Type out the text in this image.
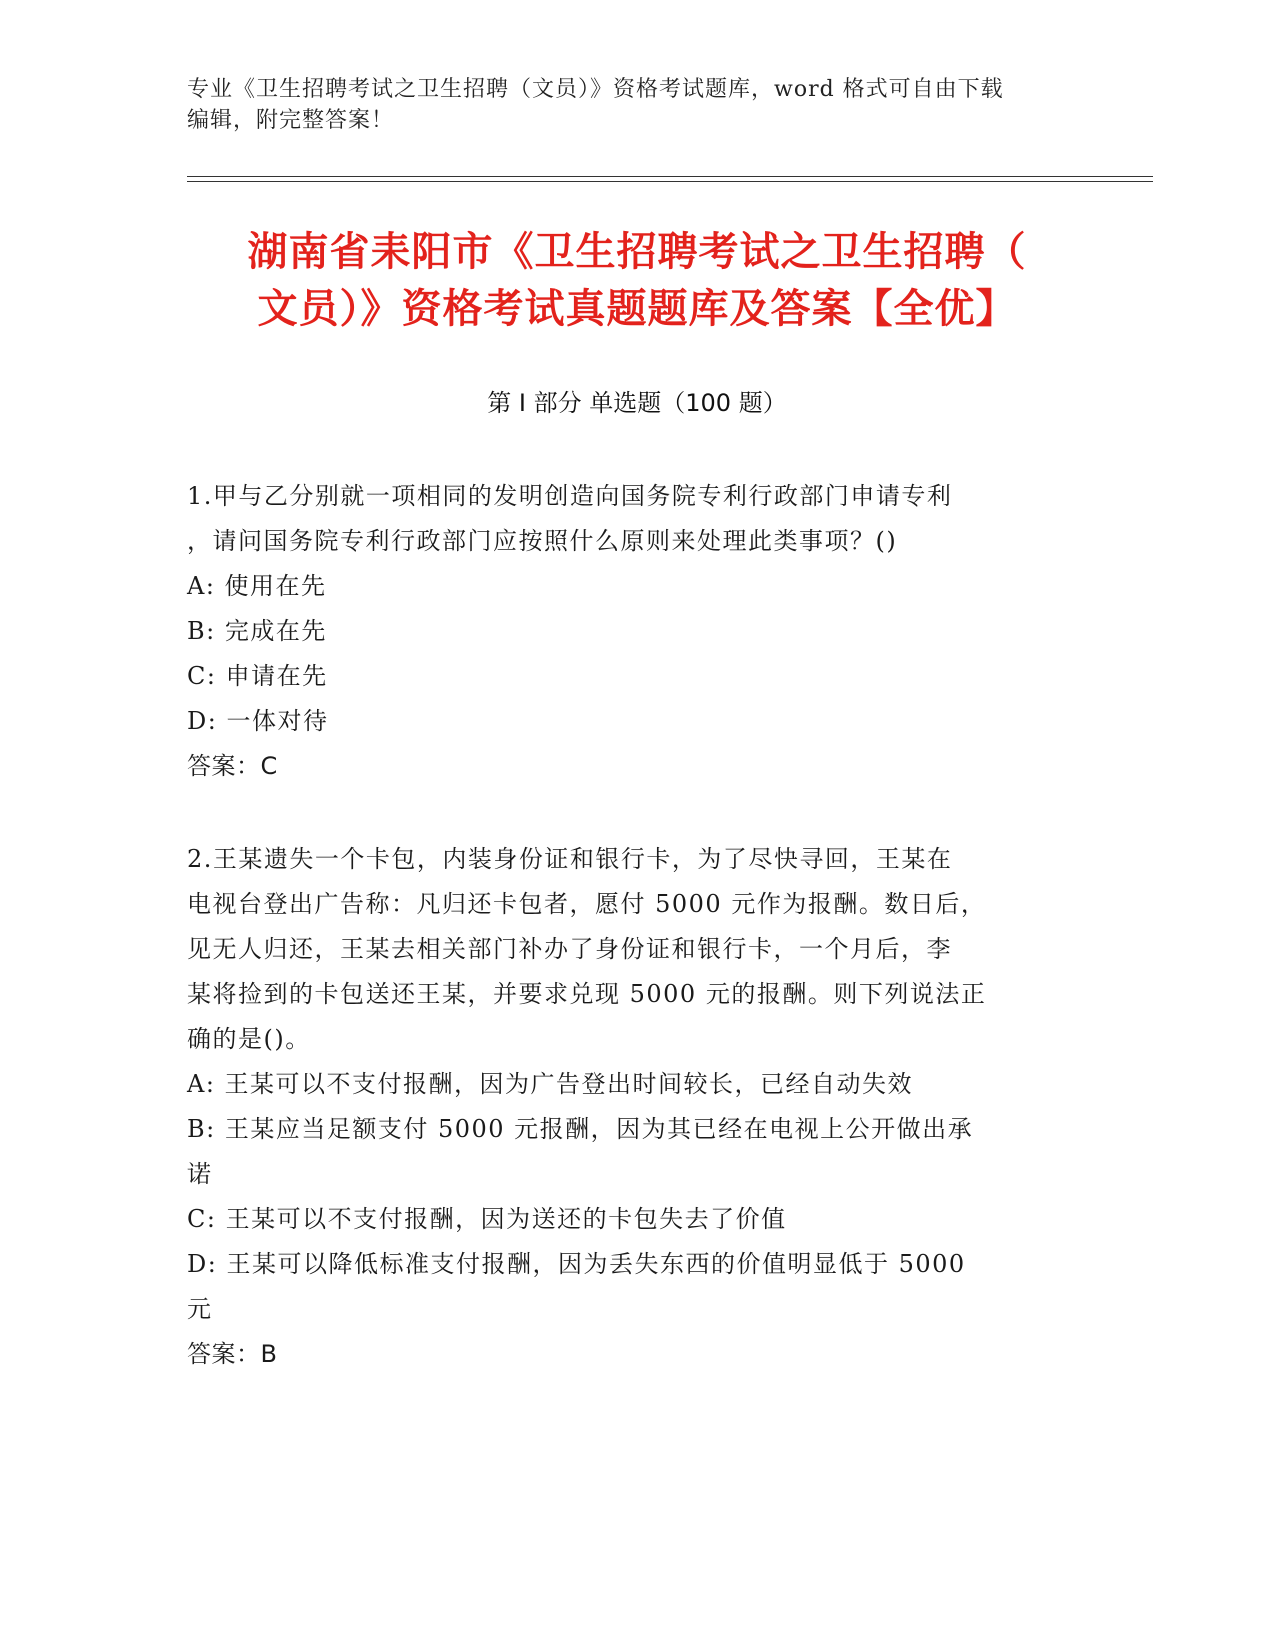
专业《卫生招聘考试之卫生招聘（文员）》资格考试题库，word 格式可自由下载
编辑，附完整答案！
湖南省耒阳市《卫生招聘考试之卫生招聘（
文员）》资格考试真题题库及答案【全优】
第 I 部分 单选题（100 题）

1.甲与乙分别就一项相同的发明创造向国务院专利行政部门申请专利

，请问国务院专利行政部门应按照什么原则来处理此类事项？()

A: 使用在先

B: 完成在先

C: 申请在先

D: 一体对待

答案：C

2.王某遗失一个卡包，内装身份证和银行卡，为了尽快寻回，王某在

电视台登出广告称：凡归还卡包者，愿付 5000 元作为报酬。数日后，

见无人归还，王某去相关部门补办了身份证和银行卡，一个月后，李

某将捡到的卡包送还王某，并要求兑现 5000 元的报酬。则下列说法正

确的是()。

A: 王某可以不支付报酬，因为广告登出时间较长，已经自动失效

B: 王某应当足额支付 5000 元报酬，因为其已经在电视上公开做出承

诺

C: 王某可以不支付报酬，因为送还的卡包失去了价值

D: 王某可以降低标准支付报酬，因为丢失东西的价值明显低于 5000

元

答案：B
